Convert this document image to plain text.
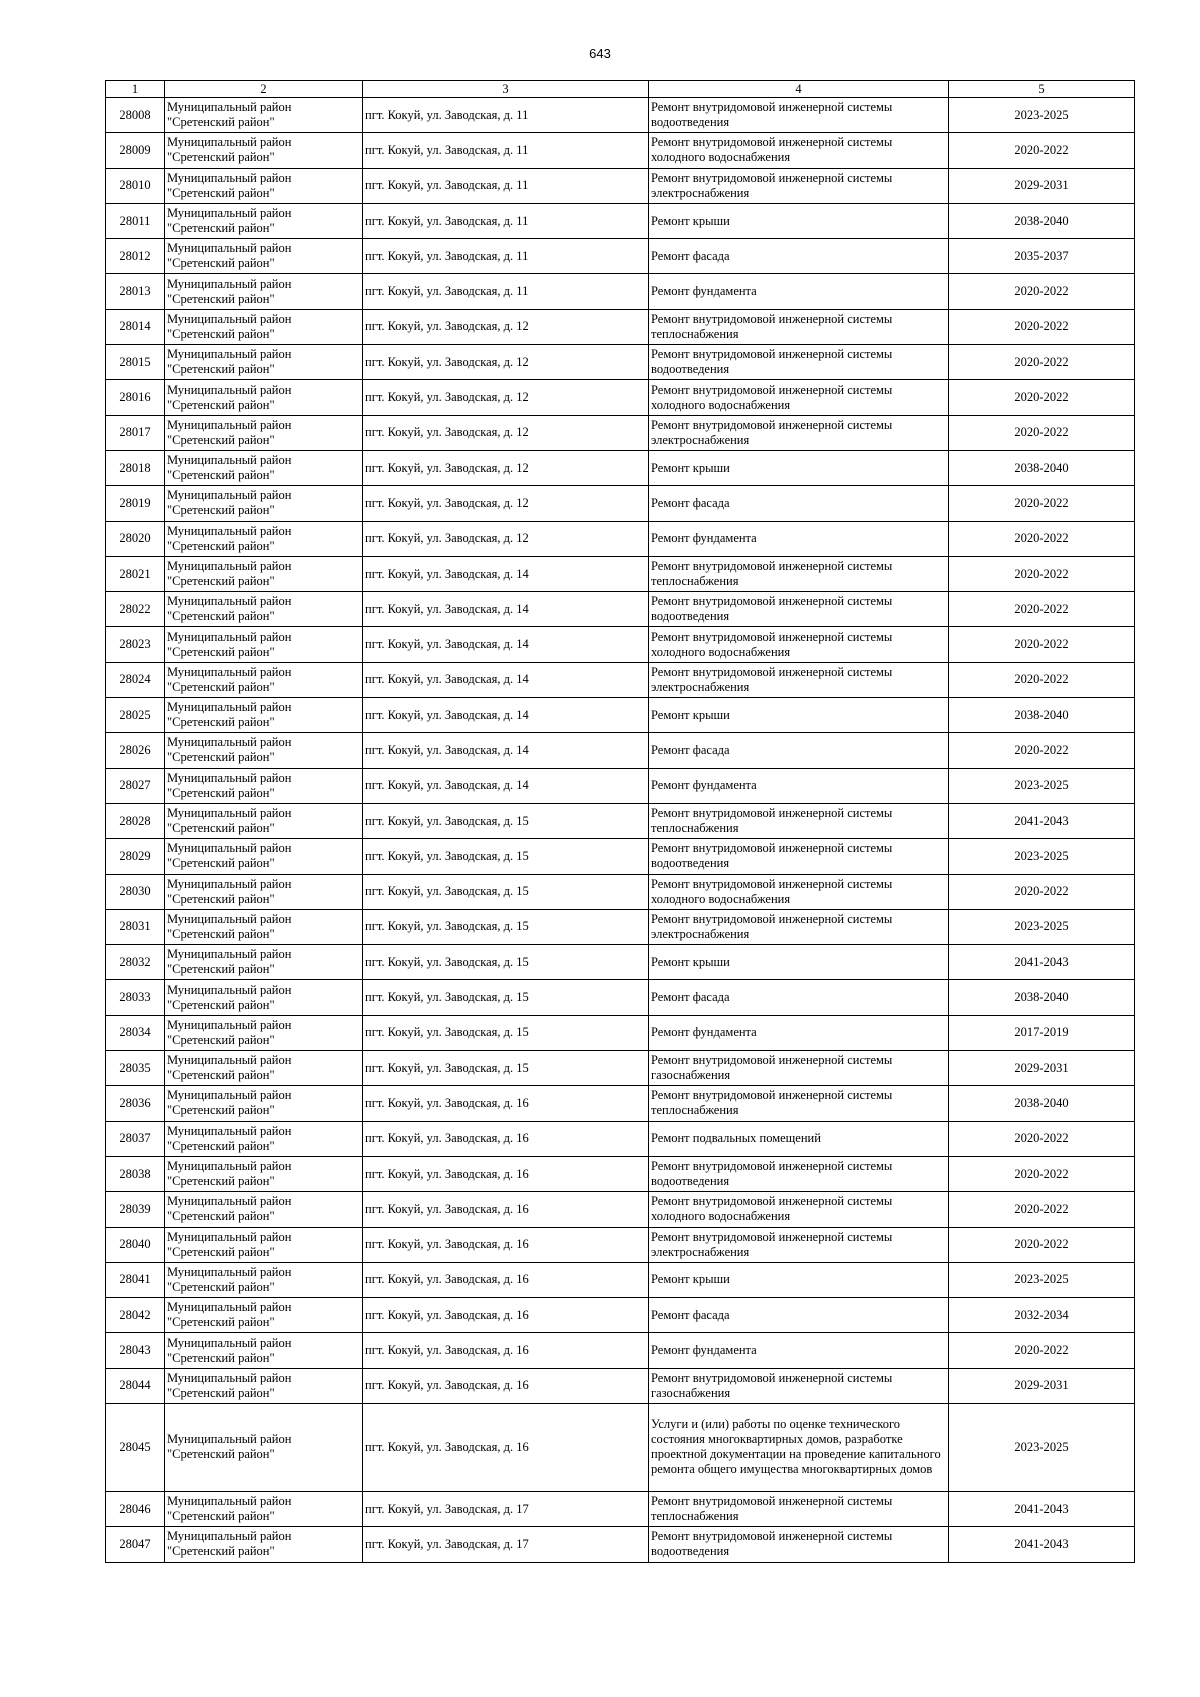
643
1	2	3	4	5
28008	Муниципальный район "Сретенский район"	пгт. Кокуй, ул. Заводская, д. 11	Ремонт внутридомовой инженерной системы водоотведения	2023-2025
28009	Муниципальный район "Сретенский район"	пгт. Кокуй, ул. Заводская, д. 11	Ремонт внутридомовой инженерной системы холодного водоснабжения	2020-2022
28010	Муниципальный район "Сретенский район"	пгт. Кокуй, ул. Заводская, д. 11	Ремонт внутридомовой инженерной системы электроснабжения	2029-2031
28011	Муниципальный район "Сретенский район"	пгт. Кокуй, ул. Заводская, д. 11	Ремонт крыши	2038-2040
28012	Муниципальный район "Сретенский район"	пгт. Кокуй, ул. Заводская, д. 11	Ремонт фасада	2035-2037
28013	Муниципальный район "Сретенский район"	пгт. Кокуй, ул. Заводская, д. 11	Ремонт фундамента	2020-2022
28014	Муниципальный район "Сретенский район"	пгт. Кокуй, ул. Заводская, д. 12	Ремонт внутридомовой инженерной системы теплоснабжения	2020-2022
28015	Муниципальный район "Сретенский район"	пгт. Кокуй, ул. Заводская, д. 12	Ремонт внутридомовой инженерной системы водоотведения	2020-2022
28016	Муниципальный район "Сретенский район"	пгт. Кокуй, ул. Заводская, д. 12	Ремонт внутридомовой инженерной системы холодного водоснабжения	2020-2022
28017	Муниципальный район "Сретенский район"	пгт. Кокуй, ул. Заводская, д. 12	Ремонт внутридомовой инженерной системы электроснабжения	2020-2022
28018	Муниципальный район "Сретенский район"	пгт. Кокуй, ул. Заводская, д. 12	Ремонт крыши	2038-2040
28019	Муниципальный район "Сретенский район"	пгт. Кокуй, ул. Заводская, д. 12	Ремонт фасада	2020-2022
28020	Муниципальный район "Сретенский район"	пгт. Кокуй, ул. Заводская, д. 12	Ремонт фундамента	2020-2022
28021	Муниципальный район "Сретенский район"	пгт. Кокуй, ул. Заводская, д. 14	Ремонт внутридомовой инженерной системы теплоснабжения	2020-2022
28022	Муниципальный район "Сретенский район"	пгт. Кокуй, ул. Заводская, д. 14	Ремонт внутридомовой инженерной системы водоотведения	2020-2022
28023	Муниципальный район "Сретенский район"	пгт. Кокуй, ул. Заводская, д. 14	Ремонт внутридомовой инженерной системы холодного водоснабжения	2020-2022
28024	Муниципальный район "Сретенский район"	пгт. Кокуй, ул. Заводская, д. 14	Ремонт внутридомовой инженерной системы электроснабжения	2020-2022
28025	Муниципальный район "Сретенский район"	пгт. Кокуй, ул. Заводская, д. 14	Ремонт крыши	2038-2040
28026	Муниципальный район "Сретенский район"	пгт. Кокуй, ул. Заводская, д. 14	Ремонт фасада	2020-2022
28027	Муниципальный район "Сретенский район"	пгт. Кокуй, ул. Заводская, д. 14	Ремонт фундамента	2023-2025
28028	Муниципальный район "Сретенский район"	пгт. Кокуй, ул. Заводская, д. 15	Ремонт внутридомовой инженерной системы теплоснабжения	2041-2043
28029	Муниципальный район "Сретенский район"	пгт. Кокуй, ул. Заводская, д. 15	Ремонт внутридомовой инженерной системы водоотведения	2023-2025
28030	Муниципальный район "Сретенский район"	пгт. Кокуй, ул. Заводская, д. 15	Ремонт внутридомовой инженерной системы холодного водоснабжения	2020-2022
28031	Муниципальный район "Сретенский район"	пгт. Кокуй, ул. Заводская, д. 15	Ремонт внутридомовой инженерной системы электроснабжения	2023-2025
28032	Муниципальный район "Сретенский район"	пгт. Кокуй, ул. Заводская, д. 15	Ремонт крыши	2041-2043
28033	Муниципальный район "Сретенский район"	пгт. Кокуй, ул. Заводская, д. 15	Ремонт фасада	2038-2040
28034	Муниципальный район "Сретенский район"	пгт. Кокуй, ул. Заводская, д. 15	Ремонт фундамента	2017-2019
28035	Муниципальный район "Сретенский район"	пгт. Кокуй, ул. Заводская, д. 15	Ремонт внутридомовой инженерной системы газоснабжения	2029-2031
28036	Муниципальный район "Сретенский район"	пгт. Кокуй, ул. Заводская, д. 16	Ремонт внутридомовой инженерной системы теплоснабжения	2038-2040
28037	Муниципальный район "Сретенский район"	пгт. Кокуй, ул. Заводская, д. 16	Ремонт подвальных помещений	2020-2022
28038	Муниципальный район "Сретенский район"	пгт. Кокуй, ул. Заводская, д. 16	Ремонт внутридомовой инженерной системы водоотведения	2020-2022
28039	Муниципальный район "Сретенский район"	пгт. Кокуй, ул. Заводская, д. 16	Ремонт внутридомовой инженерной системы холодного водоснабжения	2020-2022
28040	Муниципальный район "Сретенский район"	пгт. Кокуй, ул. Заводская, д. 16	Ремонт внутридомовой инженерной системы электроснабжения	2020-2022
28041	Муниципальный район "Сретенский район"	пгт. Кокуй, ул. Заводская, д. 16	Ремонт крыши	2023-2025
28042	Муниципальный район "Сретенский район"	пгт. Кокуй, ул. Заводская, д. 16	Ремонт фасада	2032-2034
28043	Муниципальный район "Сретенский район"	пгт. Кокуй, ул. Заводская, д. 16	Ремонт фундамента	2020-2022
28044	Муниципальный район "Сретенский район"	пгт. Кокуй, ул. Заводская, д. 16	Ремонт внутридомовой инженерной системы газоснабжения	2029-2031
28045	Муниципальный район "Сретенский район"	пгт. Кокуй, ул. Заводская, д. 16	Услуги и (или) работы по оценке технического состояния многоквартирных домов, разработке проектной документации на проведение капитального ремонта общего имущества многоквартирных домов	2023-2025
28046	Муниципальный район "Сретенский район"	пгт. Кокуй, ул. Заводская, д. 17	Ремонт внутридомовой инженерной системы теплоснабжения	2041-2043
28047	Муниципальный район "Сретенский район"	пгт. Кокуй, ул. Заводская, д. 17	Ремонт внутридомовой инженерной системы водоотведения	2041-2043
